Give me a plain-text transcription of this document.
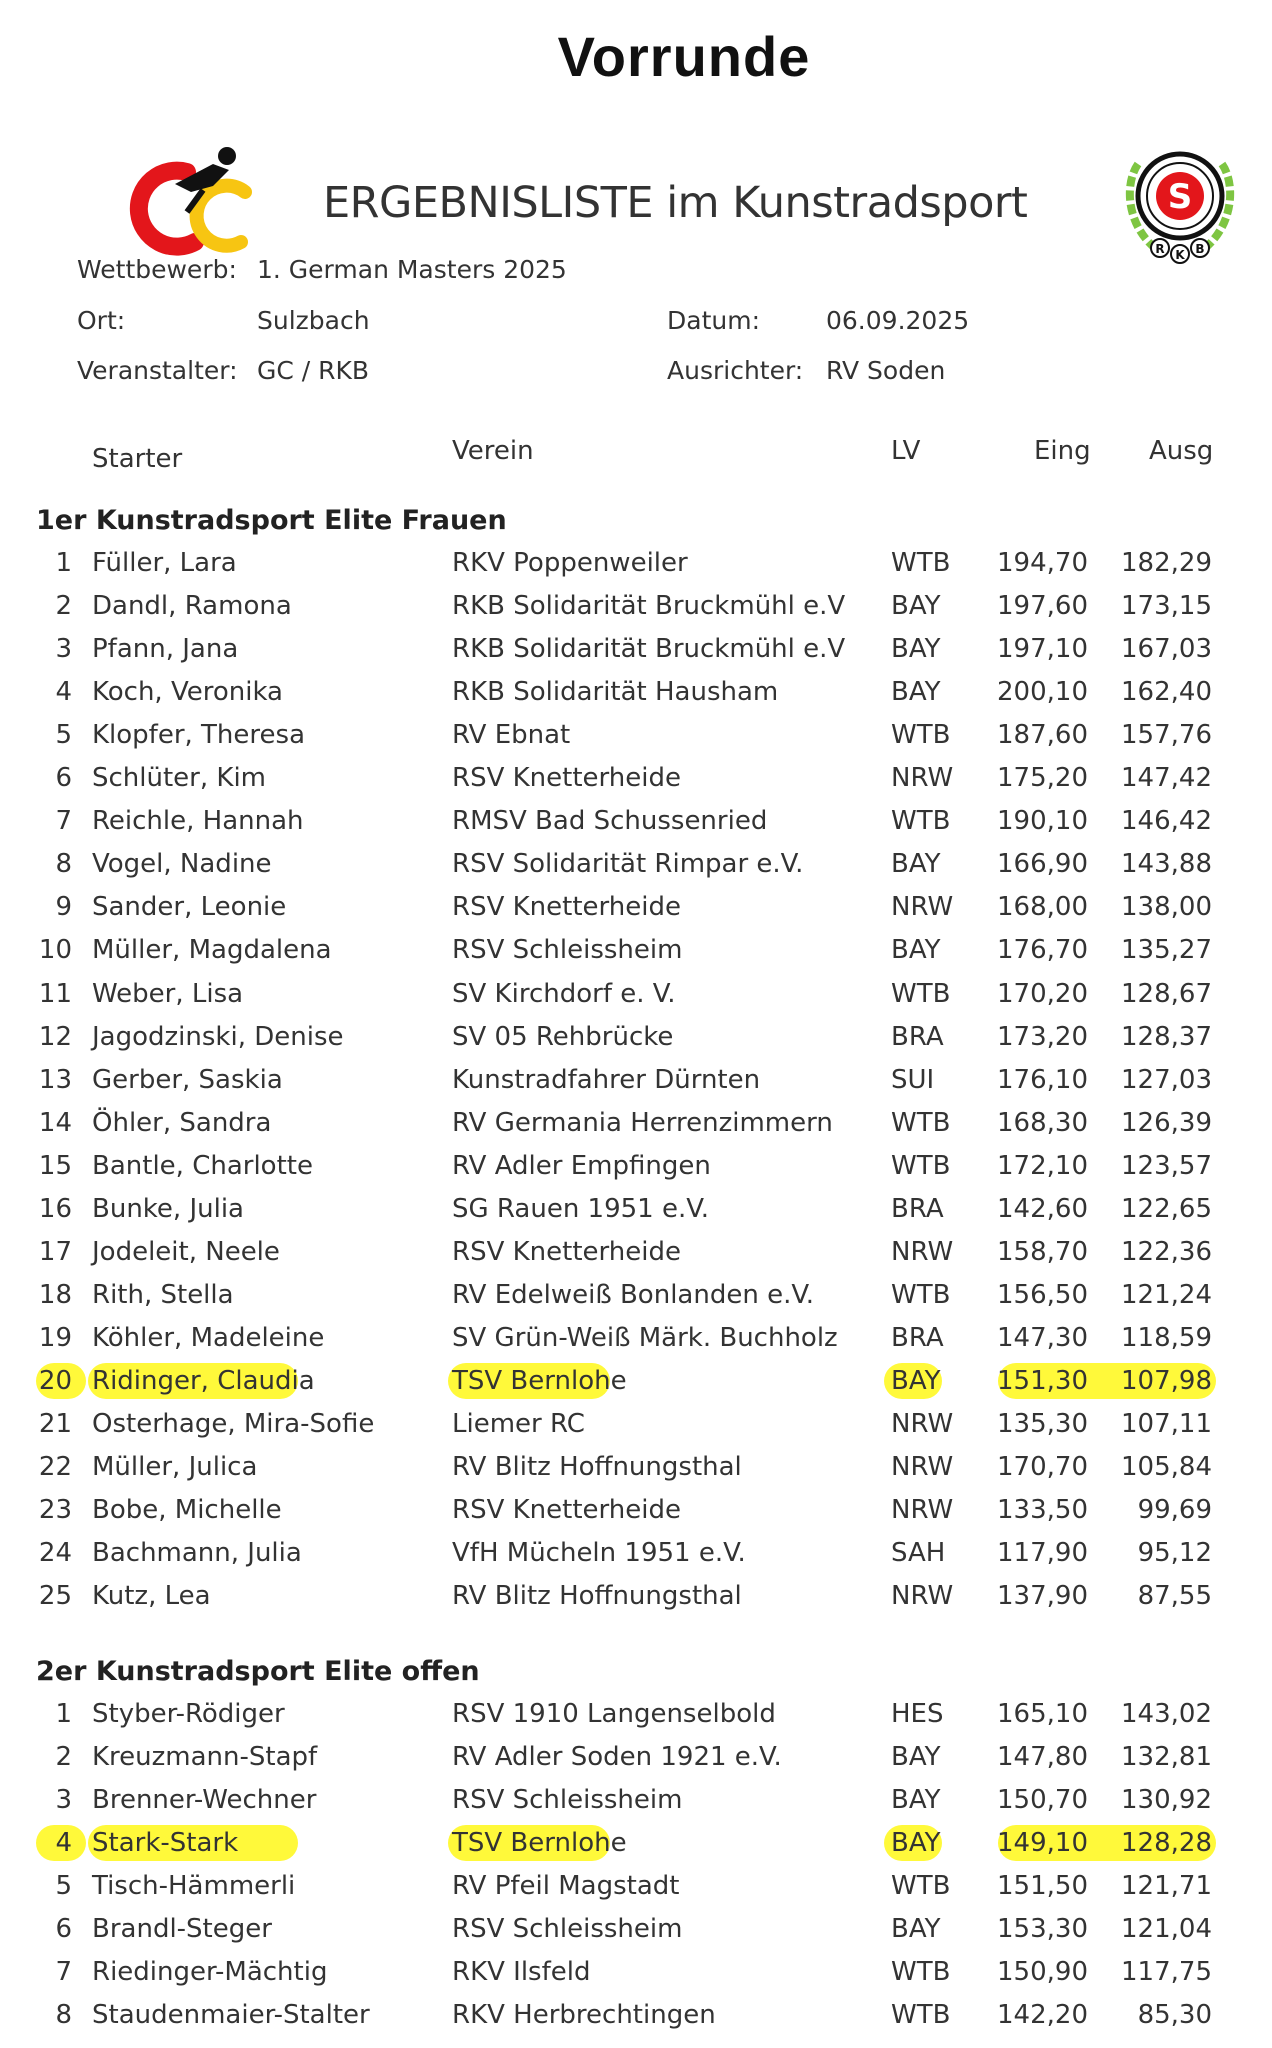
Vorrunde
ERGEBNISLISTE im Kunstradsport	S
R K B
Wettbewerb: 1. German Masters 2025
Ort:	Sulzbach	Datum:	06.09.2025
Veranstalter: GC / RKB	Ausrichter: RV Soden
Starter	Verein	LV	Eing Ausg
1er Kunstradsport Elite Frauen
1 Füller, Lara	RKV Poppenweiler	WTB	194,70	182,29
2 Dandl, Ramona	RKB Solidarität Bruckmühl e.V BAY	197,60	173,15
3 Pfann, Jana	RKB Solidarität Bruckmühl e.V BAY	197,10	167,03
4 Koch, Veronika	RKB Solidarität Hausham	BAY	200,10	162,40
5 Klopfer, Theresa	RV Ebnat	WTB	187,60	157,76
6 Schlüter, Kim	RSV Knetterheide	NRW	175,20	147,42
7 Reichle, Hannah	RMSV Bad Schussenried	WTB	190,10	146,42
8 Vogel, Nadine	RSV Solidarität Rimpar e.V.	BAY	166,90	143,88
9 Sander, Leonie	RSV Knetterheide	NRW	168,00	138,00
10 Müller, Magdalena	RSV Schleissheim	BAY	176,70	135,27
11 Weber, Lisa	SV Kirchdorf e. V.	WTB	170,20	128,67
12 Jagodzinski, Denise	SV 05 Rehbrücke	BRA	173,20	128,37
13 Gerber, Saskia	Kunstradfahrer Dürnten	SUI	176,10	127,03
14 Öhler, Sandra	RV Germania Herrenzimmern WTB	168,30	126,39
15 Bantle, Charlotte	RV Adler Empfingen	WTB	172,10	123,57
16 Bunke, Julia	SG Rauen 1951 e.V.	BRA	142,60	122,65
17 Jodeleit, Neele	RSV Knetterheide	NRW	158,70	122,36
18 Rith, Stella	RV Edelweiß Bonlanden e.V.	WTB	156,50	121,24
19 Köhler, Madeleine	SV Grün-Weiß Märk. Buchholz BRA	147,30	118,59
20 Ridinger, Claudia	TSV Bernlohe	BAY	151,30	107,98
21 Osterhage, Mira-Sofie	Liemer RC	NRW	135,30	107,11
22 Müller, Julica	RV Blitz Hoffnungsthal	NRW	170,70	105,84
23 Bobe, Michelle	RSV Knetterheide	NRW	133,50	99,69
24 Bachmann, Julia	VfH Mücheln 1951 e.V.	SAH	117,90	95,12
25 Kutz, Lea	RV Blitz Hoffnungsthal	NRW	137,90	87,55
2er Kunstradsport Elite offen
1 Styber-Rödiger	RSV 1910 Langenselbold	HES	165,10	143,02
2 Kreuzmann-Stapf	RV Adler Soden 1921 e.V.	BAY	147,80	132,81
3 Brenner-Wechner	RSV Schleissheim	BAY	150,70	130,92
4 Stark-Stark	TSV Bernlohe	BAY	149,10	128,28
5 Tisch-Hämmerli	RV Pfeil Magstadt	WTB	151,50	121,71
6 Brandl-Steger	RSV Schleissheim	BAY	153,30	121,04
7 Riedinger-Mächtig	RKV Ilsfeld	WTB	150,90	117,75
8 Staudenmaier-Stalter	RKV Herbrechtingen	WTB	142,20	85,30
